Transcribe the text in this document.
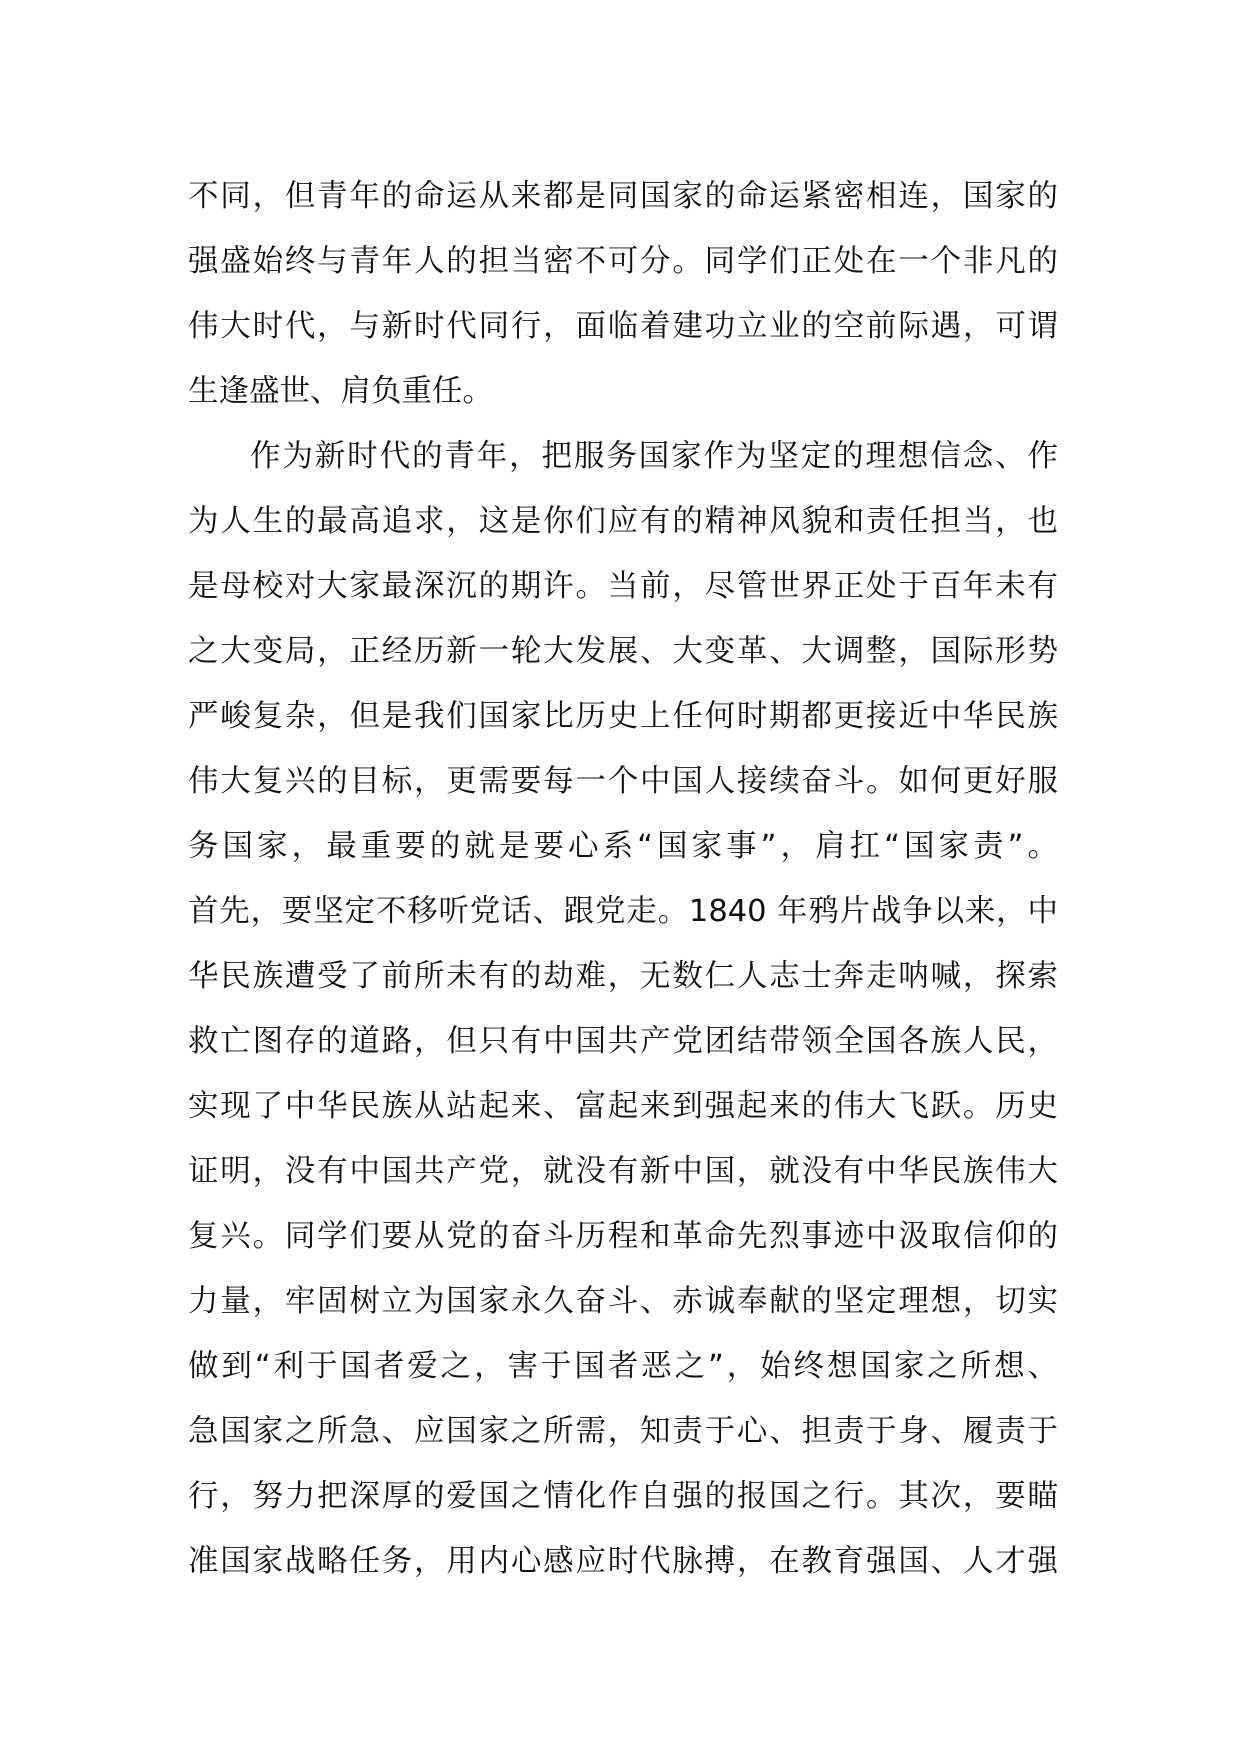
不同，但青年的命运从来都是同国家的命运紧密相连，国家的
强盛始终与青年人的担当密不可分。同学们正处在一个非凡的
伟大时代，与新时代同行，面临着建功立业的空前际遇，可谓
生逢盛世、肩负重任。
作为新时代的青年，把服务国家作为坚定的理想信念、作
为人生的最高追求，这是你们应有的精神风貌和责任担当，也
是母校对大家最深沉的期许。当前，尽管世界正处于百年未有
之大变局，正经历新一轮大发展、大变革、大调整，国际形势
严峻复杂，但是我们国家比历史上任何时期都更接近中华民族
伟大复兴的目标，更需要每一个中国人接续奋斗。如何更好服
务国家，最重要的就是要心系“国家事”，肩扛“国家责”。
首先，要坚定不移听党话、跟党走。1840 年鸦片战争以来，中
华民族遭受了前所未有的劫难，无数仁人志士奔走呐喊，探索
救亡图存的道路，但只有中国共产党团结带领全国各族人民，
实现了中华民族从站起来、富起来到强起来的伟大飞跃。历史
证明，没有中国共产党，就没有新中国，就没有中华民族伟大
复兴。同学们要从党的奋斗历程和革命先烈事迹中汲取信仰的
力量，牢固树立为国家永久奋斗、赤诚奉献的坚定理想，切实
做到“利于国者爱之，害于国者恶之”，始终想国家之所想、
急国家之所急、应国家之所需，知责于心、担责于身、履责于
行，努力把深厚的爱国之情化作自强的报国之行。其次，要瞄
准国家战略任务，用内心感应时代脉搏，在教育强国、人才强
